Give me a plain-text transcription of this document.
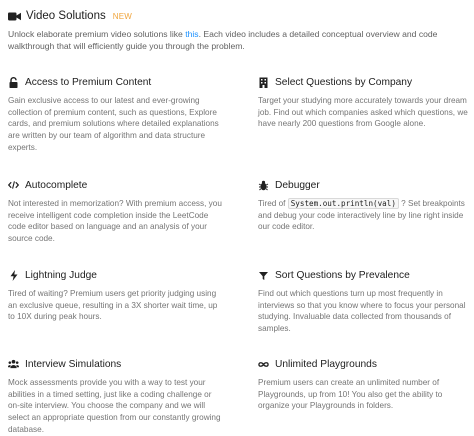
Video Solutions NEW
Unlock elaborate premium video solutions like this. Each video includes a detailed conceptual overview and code walkthrough that will efficiently guide you through the problem.
Access to Premium Content
Gain exclusive access to our latest and ever-growing collection of premium content, such as questions, Explore cards, and premium solutions where detailed explanations are written by our team of algorithm and data structure experts.
Select Questions by Company
Target your studying more accurately towards your dream job. Find out which companies asked which questions, we have nearly 200 questions from Google alone.
Autocomplete
Not interested in memorization? With premium access, you receive intelligent code completion inside the LeetCode code editor based on language and an analysis of your source code.
Debugger
Tired of System.out.println(val) ? Set breakpoints and debug your code interactively line by line right inside our code editor.
Lightning Judge
Tired of waiting? Premium users get priority judging using an exclusive queue, resulting in a 3X shorter wait time, up to 10X during peak hours.
Sort Questions by Prevalence
Find out which questions turn up most frequently in interviews so that you know where to focus your personal studying. Invaluable data collected from thousands of samples.
Interview Simulations
Mock assessments provide you with a way to test your abilities in a timed setting, just like a coding challenge or on-site interview. You choose the company and we will select an appropriate question from our constantly growing database.
Unlimited Playgrounds
Premium users can create an unlimited number of Playgrounds, up from 10! You also get the ability to organize your Playgrounds in folders.
